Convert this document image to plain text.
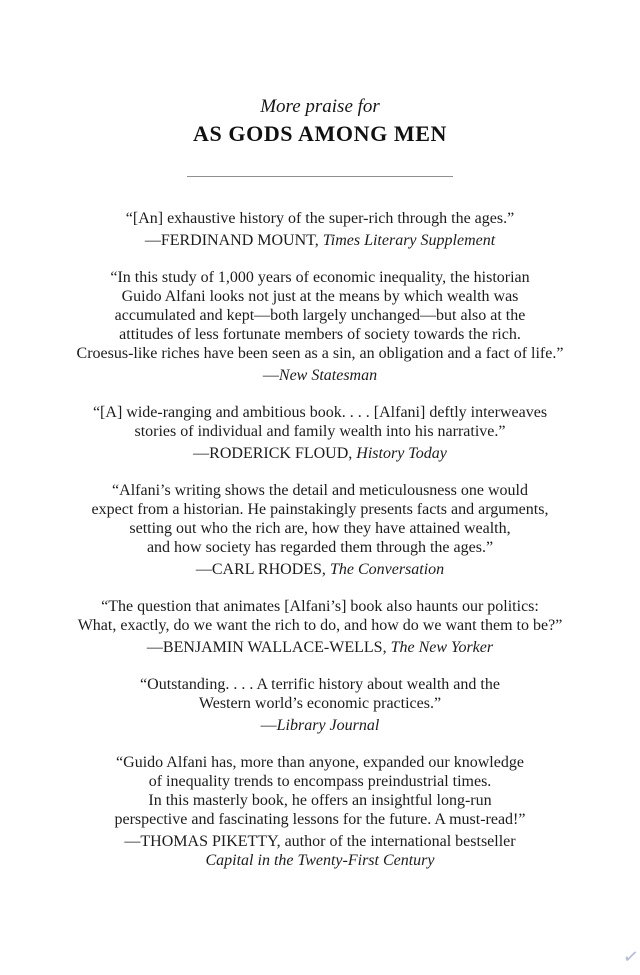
More praise for
AS GODS AMONG MEN
“[An] exhaustive history of the super-rich through the ages.”
—FERDINAND MOUNT, Times Literary Supplement
“In this study of 1,000 years of economic inequality, the historian
Guido Alfani looks not just at the means by which wealth was
accumulated and kept—both largely unchanged—but also at the
attitudes of less fortunate members of society towards the rich.
Croesus-like riches have been seen as a sin, an obligation and a fact of life.”
—New Statesman
“[A] wide-ranging and ambitious book. . . . [Alfani] deftly interweaves
stories of individual and family wealth into his narrative.”
—RODERICK FLOUD, History Today
“Alfani’s writing shows the detail and meticulousness one would
expect from a historian. He painstakingly presents facts and arguments,
setting out who the rich are, how they have attained wealth,
and how society has regarded them through the ages.”
—CARL RHODES, The Conversation
“The question that animates [Alfani’s] book also haunts our politics:
What, exactly, do we want the rich to do, and how do we want them to be?”
—BENJAMIN WALLACE-WELLS, The New Yorker
“Outstanding. . . . A terrific history about wealth and the
Western world’s economic practices.”
—Library Journal
“Guido Alfani has, more than anyone, expanded our knowledge
of inequality trends to encompass preindustrial times.
In this masterly book, he offers an insightful long-run
perspective and fascinating lessons for the future. A must-read!”
—THOMAS PIKETTY, author of the international bestseller
Capital in the Twenty-First Century
✓
